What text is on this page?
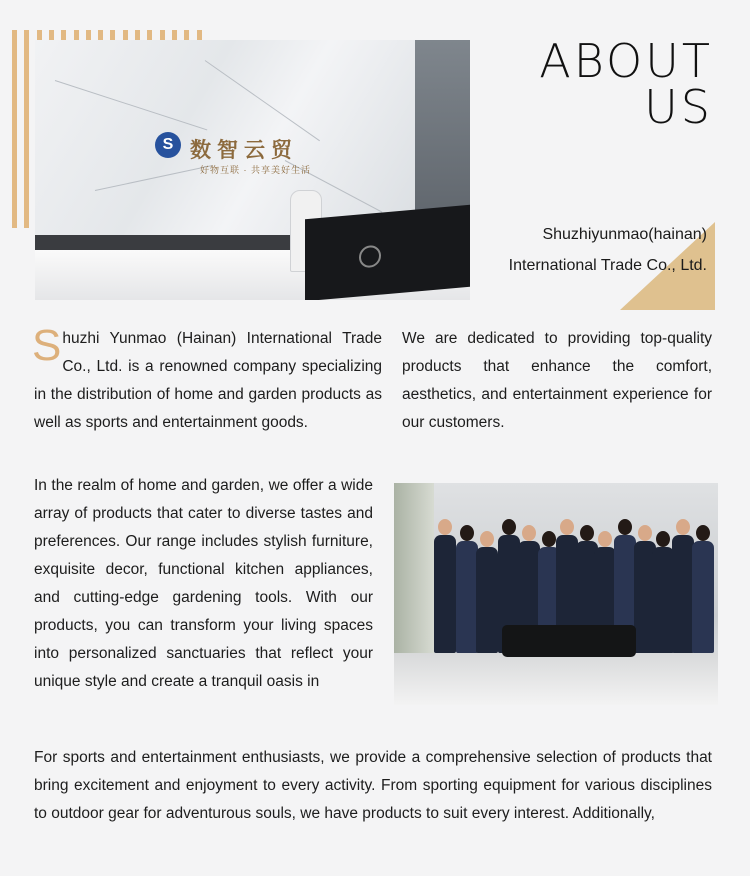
S 数智云贸
好物互联 · 共享美好生活
ABOUT
US
Shuzhiyunmao(hainan)
International Trade Co., Ltd.

Shuzhi Yunmao (Hainan) International Trade Co., Ltd. is a renowned company specializing in the distribution of home and garden products as well as sports and entertainment goods.

We are dedicated to providing top-quality products that enhance the comfort, aesthetics, and entertainment experience for our customers.

In the realm of home and garden, we offer a wide array of products that cater to diverse tastes and preferences. Our range includes stylish furniture, exquisite decor, functional kitchen appliances, and cutting-edge gardening tools. With our products, you can transform your living spaces into personalized sanctuaries that reflect your unique style and create a tranquil oasis in

For sports and entertainment enthusiasts, we provide a comprehensive selection of products that bring excitement and enjoyment to every activity. From sporting equipment for various disciplines to outdoor gear for adventurous souls, we have products to suit every interest. Additionally,
